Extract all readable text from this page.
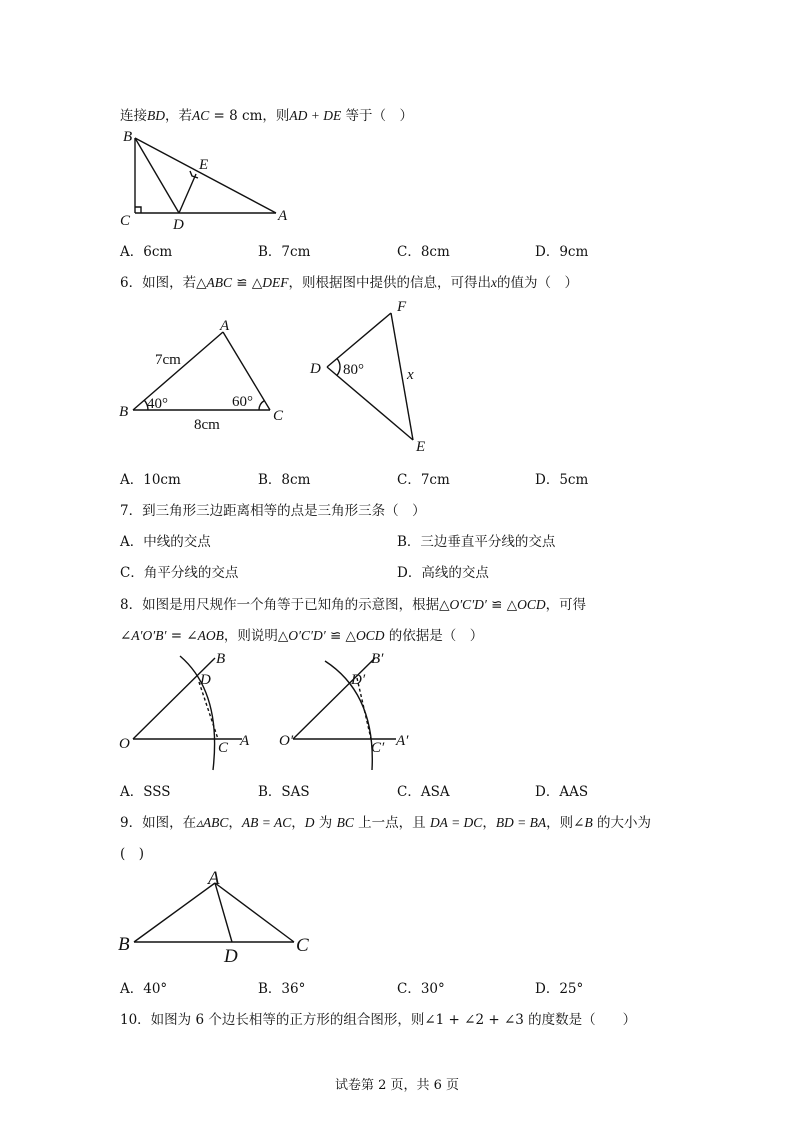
连接BD，若AC = 8 cm，则AD + DE 等于（　）
B
E
C	D
A
A．6cm	B．7cm	C．8cm	D．9cm
6．如图，若△ABC ≌ △DEF，则根据图中提供的信息，可得出x的值为（　）
A
B	C
7cm
8cm
40°	60°
F
D
E
x
80°
A．10cm	B．8cm	C．7cm	D．5cm
7．到三角形三边距离相等的点是三角形三条（　）
A．中线的交点	B．三边垂直平分线的交点
C．角平分线的交点	D．高线的交点
8．如图是用尺规作一个角等于已知角的示意图，根据△O′C′D′ ≌ △OCD，可得
∠A′O′B′ = ∠AOB，则说明△O′C′D′ ≌ △OCD 的依据是（　）
B
D
O	C A
B′
D′
O′	C′ A′
A．SSS	B．SAS	C．ASA	D．AAS
9．如图，在▵ABC，AB = AC，D 为 BC 上一点，且 DA = DC，BD = BA，则∠B 的大小为
(　)
A
B	C
D
A．40°	B．36°	C．30°	D．25°
10．如图为 6 个边长相等的正方形的组合图形，则∠1 + ∠2 + ∠3 的度数是（　　）
试卷第 2 页，共 6 页
